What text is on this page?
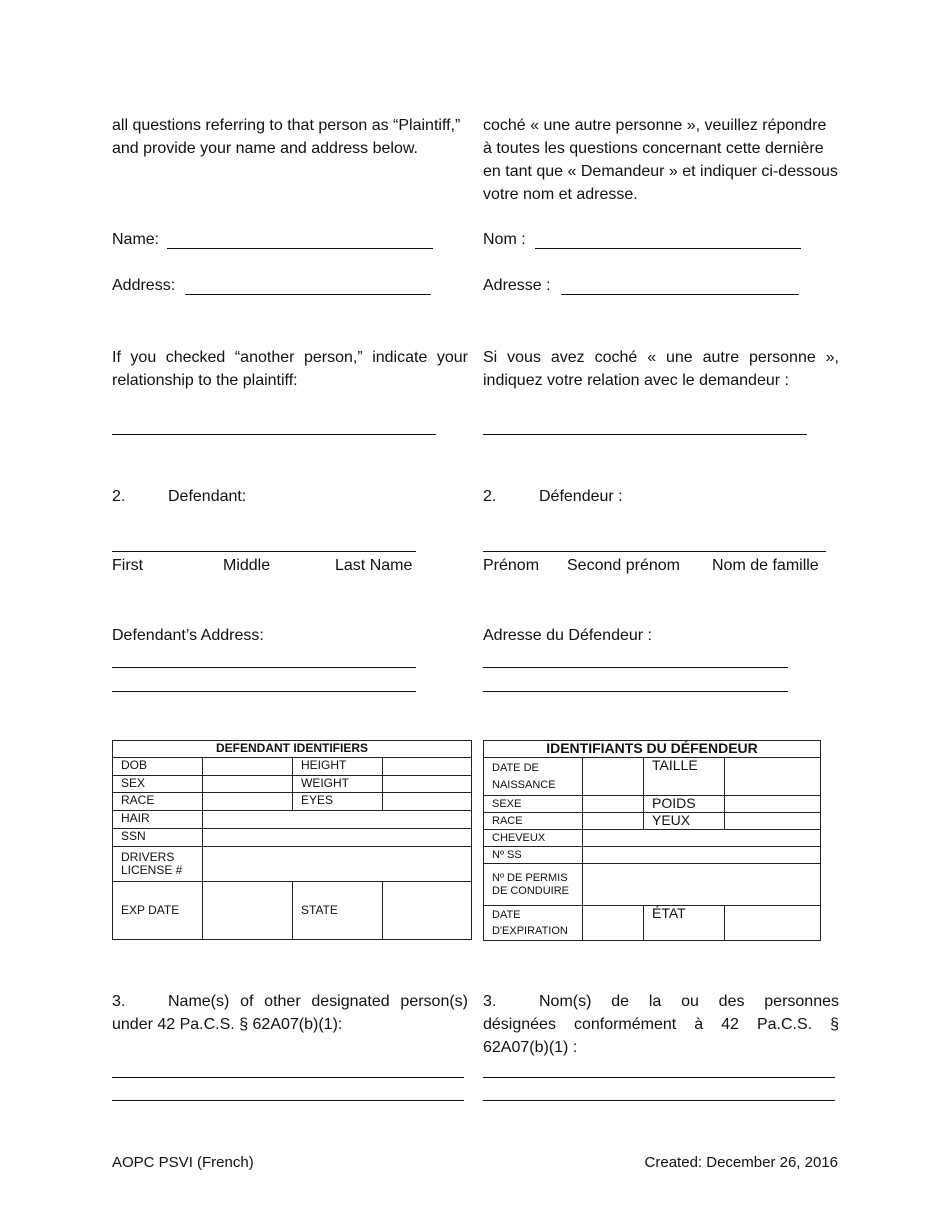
all questions referring to that person as “Plaintiff,” and provide your name and address below.
Name:
Address:
If you checked “another person,” indicate your relationship to the plaintiff:
2.	Defendant:
First	Middle	Last Name
Defendant’s Address:
DEFENDANT IDENTIFIERS			
DOB		HEIGHT	
SEX		WEIGHT	
RACE		EYES	
HAIR			
SSN			
DRIVERS LICENSE #			
EXP DATE		STATE	
3.	Name(s) of other designated person(s) under 42 Pa.C.S. § 62A07(b)(1):
coché « une autre personne », veuillez répondre à toutes les questions concernant cette dernière en tant que « Demandeur » et indiquer ci-dessous votre nom et adresse.
Nom :
Adresse :
Si vous avez coché « une autre personne », indiquez votre relation avec le demandeur :
2.	Défendeur :
Prénom Second prénom Nom de famille
Adresse du Défendeur :
IDENTIFIANTS DU DÉFENDEUR			
DATE DE NAISSANCE		TAILLE	
SEXE		POIDS	
RACE		YEUX	
CHEVEUX			
Nº SS			
Nº DE PERMIS DE CONDUIRE			
DATE D'EXPIRATION		ÉTAT	
3.	Nom(s) de la ou des personnes désignées conformément à 42 Pa.C.S. § 62A07(b)(1) :
AOPC PSVI (French)	Created: December 26, 2016
